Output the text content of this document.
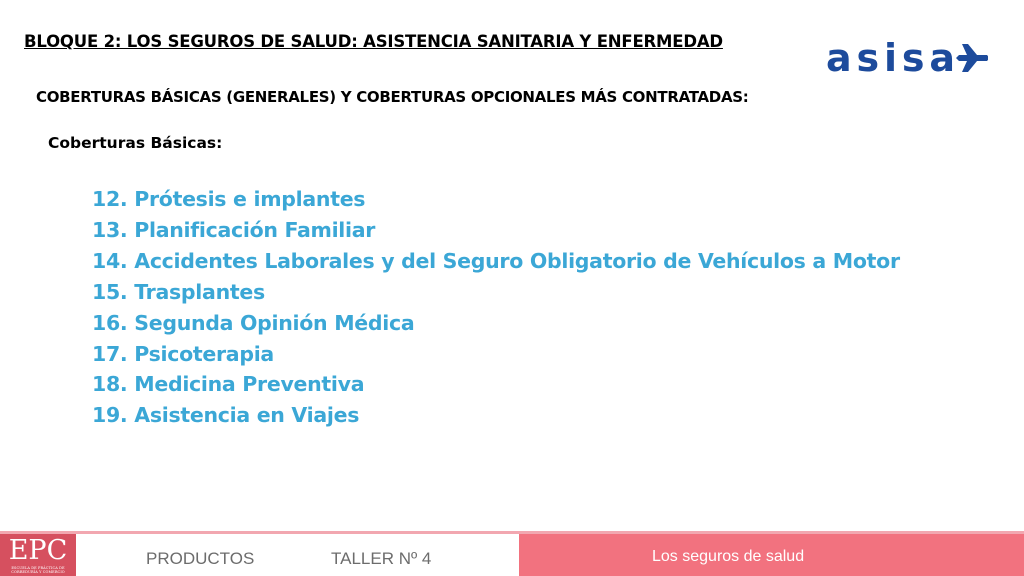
BLOQUE 2: LOS SEGUROS DE SALUD: ASISTENCIA SANITARIA Y ENFERMEDAD	asisa
COBERTURAS BÁSICAS (GENERALES) Y COBERTURAS OPCIONALES MÁS CONTRATADAS:
Coberturas Básicas:
12. Prótesis e implantes
13. Planificación Familiar
14. Accidentes Laborales y del Seguro Obligatorio de Vehículos a Motor
15. Trasplantes
16. Segunda Opinión Médica
17. Psicoterapia
18. Medicina Preventiva
19. Asistencia en Viajes
EPC
ESCUELA DE PRÁCTICA DE CORREDURÍA Y COMERCIO
PRODUCTOS	TALLER Nº 4	Los seguros de salud
